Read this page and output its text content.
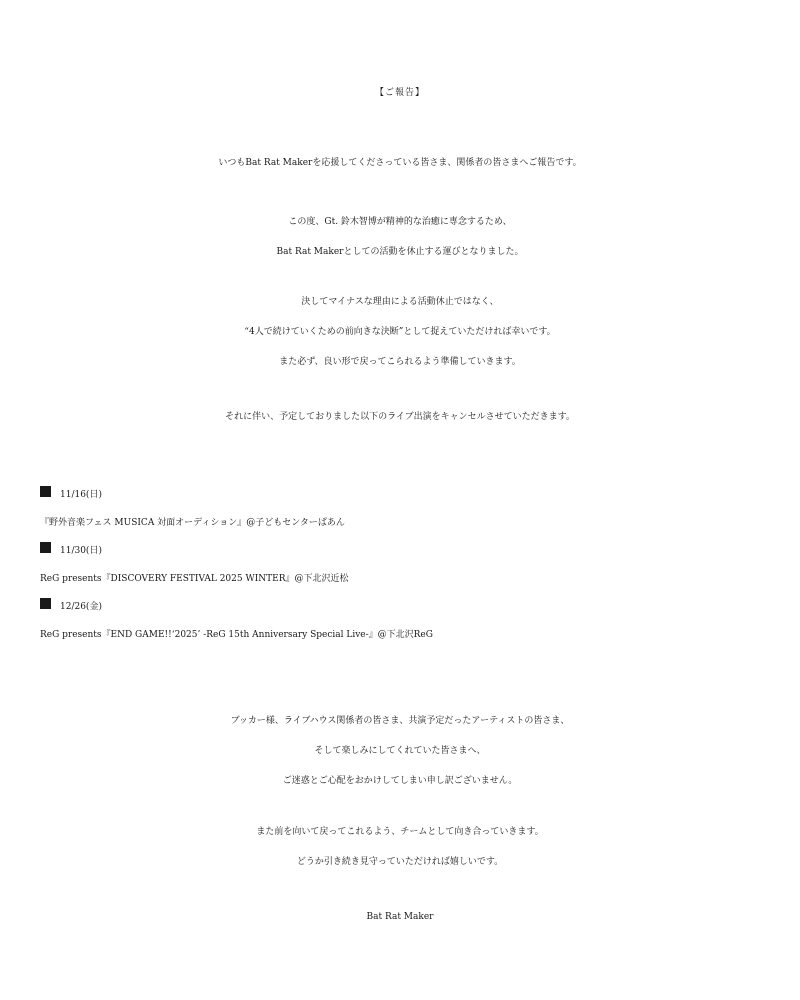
【ご報告】
いつもBat Rat Makerを応援してくださっている皆さま、関係者の皆さまへご報告です。
この度、Gt. 鈴木智博が精神的な治癒に専念するため、
Bat Rat Makerとしての活動を休止する運びとなりました。
決してマイナスな理由による活動休止ではなく、
“4人で続けていくための前向きな決断”として捉えていただければ幸いです。
また必ず、良い形で戻ってこられるよう準備していきます。
それに伴い、予定しておりました以下のライブ出演をキャンセルさせていただきます。
11/16(日)
『野外音楽フェス MUSICA 対面オーディション』@子どもセンターぱあん
11/30(日)
ReG presents『DISCOVERY FESTIVAL 2025 WINTER』@下北沢近松
12/26(金)
ReG presents『END GAME!!‘2025’ -ReG 15th Anniversary Special Live-』@下北沢ReG
ブッカー様、ライブハウス関係者の皆さま、共演予定だったアーティストの皆さま、
そして楽しみにしてくれていた皆さまへ、
ご迷惑とご心配をおかけしてしまい申し訳ございません。
また前を向いて戻ってこれるよう、チームとして向き合っていきます。
どうか引き続き見守っていただければ嬉しいです。
Bat Rat Maker
